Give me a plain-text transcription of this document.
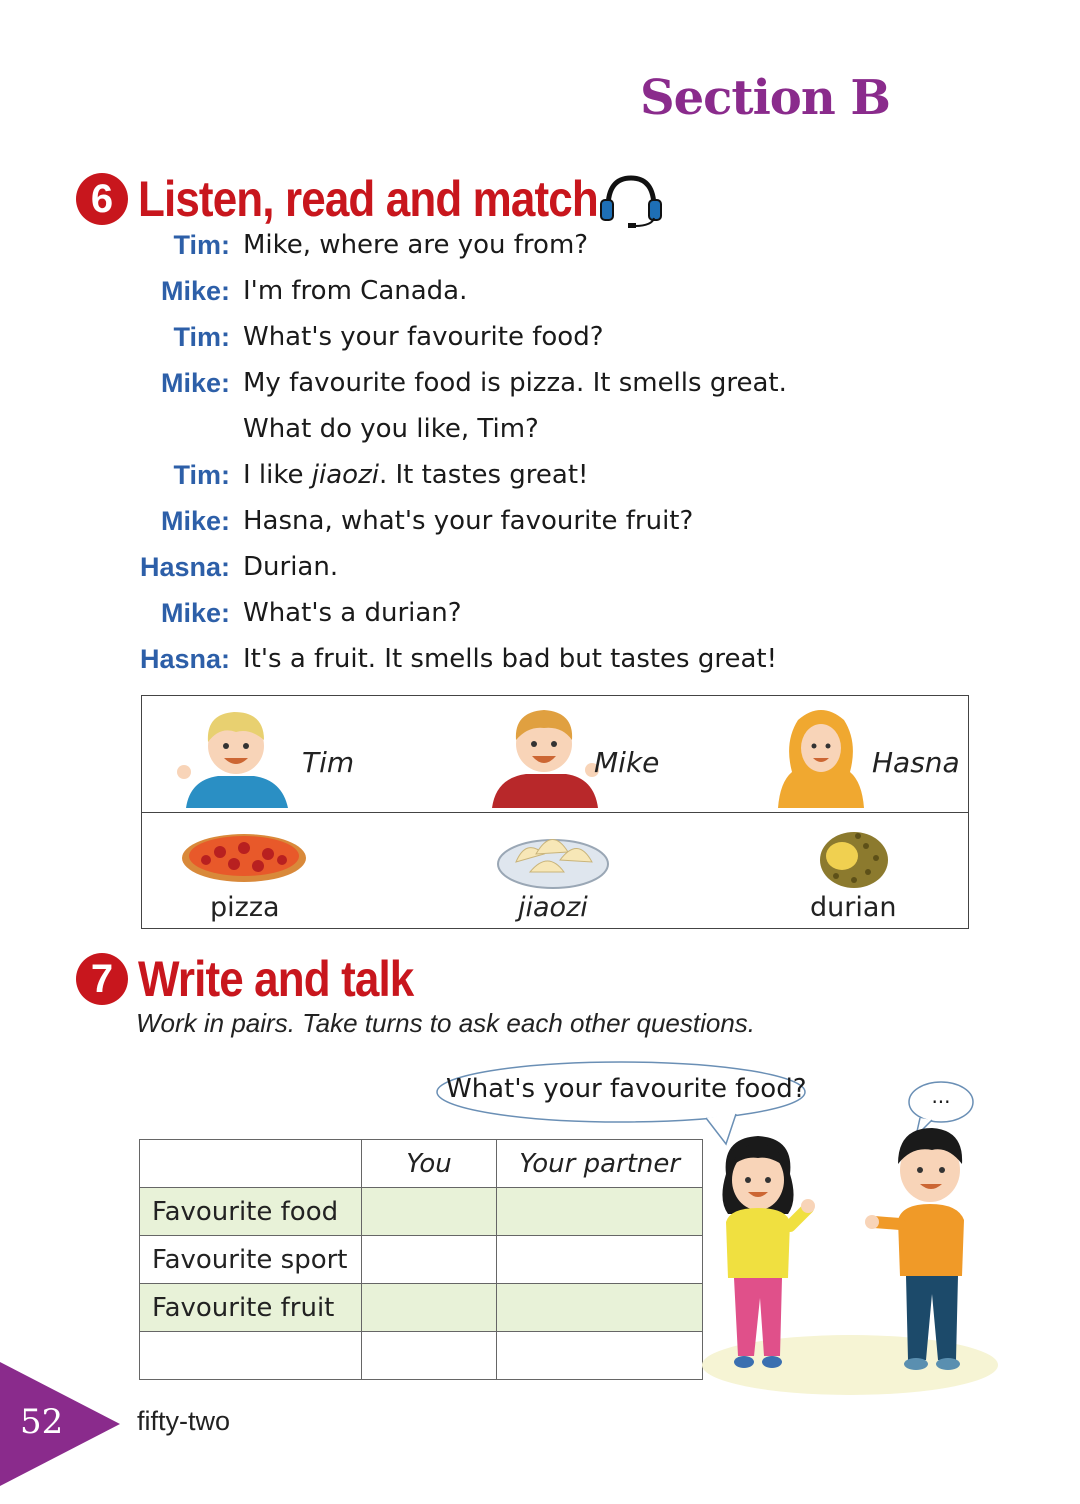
Section B
6 Listen, read and match
Tim: Mike, where are you from?
Mike: I'm from Canada.
Tim: What's your favourite food?
Mike: My favourite food is pizza. It smells great.
What do you like, Tim?
Tim: I like jiaozi. It tastes great!
Mike: Hasna, what's your favourite fruit?
Hasna: Durian.
Mike: What's a durian?
Hasna: It's a fruit. It smells bad but tastes great!
Tim	Mike	Hasna
pizza	jiaozi	durian
7 Write and talk
Work in pairs. Take turns to ask each other questions.
What's your favourite food?	...
	You	Your partner
Favourite food		
Favourite sport		
Favourite fruit		

52	fifty-two
